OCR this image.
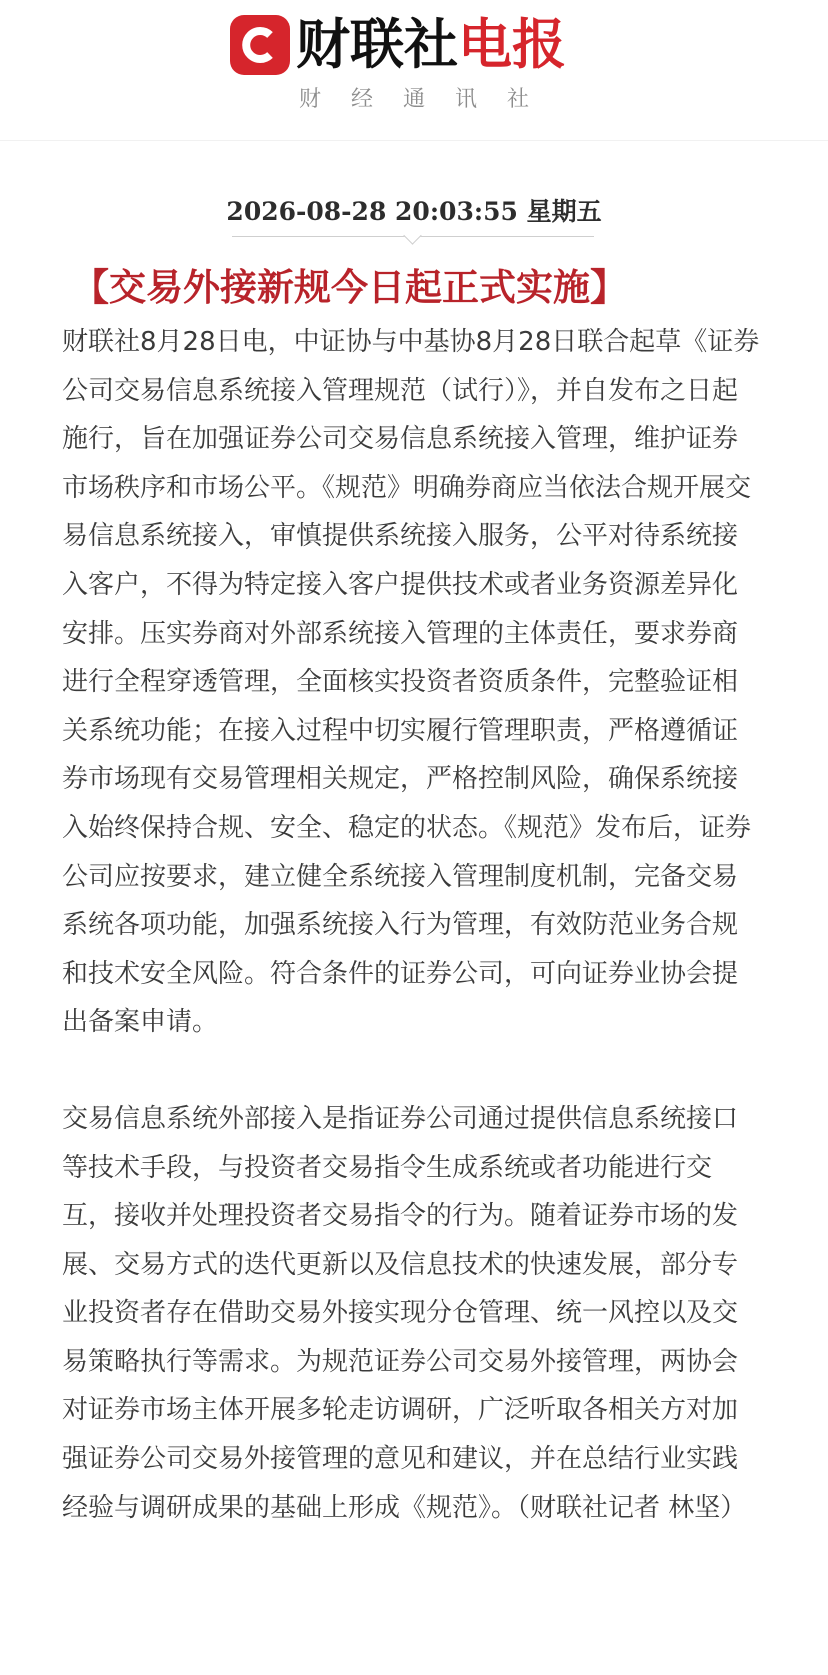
财联社电报
财经通讯社
2026-08-28 20:03:55 星期五
【交易外接新规今日起正式实施】

财联社8月28日电，中证协与中基协8月28日联合起草《证券公司交易信息系统接入管理规范（试行）》，并自发布之日起施行，旨在加强证券公司交易信息系统接入管理，维护证券市场秩序和市场公平。《规范》明确券商应当依法合规开展交易信息系统接入，审慎提供系统接入服务，公平对待系统接入客户，不得为特定接入客户提供技术或者业务资源差异化安排。压实券商对外部系统接入管理的主体责任，要求券商进行全程穿透管理，全面核实投资者资质条件，完整验证相关系统功能；在接入过程中切实履行管理职责，严格遵循证券市场现有交易管理相关规定，严格控制风险，确保系统接入始终保持合规、安全、稳定的状态。《规范》发布后，证券公司应按要求，建立健全系统接入管理制度机制，完备交易系统各项功能，加强系统接入行为管理，有效防范业务合规和技术安全风险。符合条件的证券公司，可向证券业协会提出备案申请。

交易信息系统外部接入是指证券公司通过提供信息系统接口等技术手段，与投资者交易指令生成系统或者功能进行交互，接收并处理投资者交易指令的行为。随着证券市场的发展、交易方式的迭代更新以及信息技术的快速发展，部分专业投资者存在借助交易外接实现分仓管理、统一风控以及交易策略执行等需求。为规范证券公司交易外接管理，两协会对证券市场主体开展多轮走访调研，广泛听取各相关方对加强证券公司交易外接管理的意见和建议，并在总结行业实践经验与调研成果的基础上形成《规范》。（财联社记者 林坚）
